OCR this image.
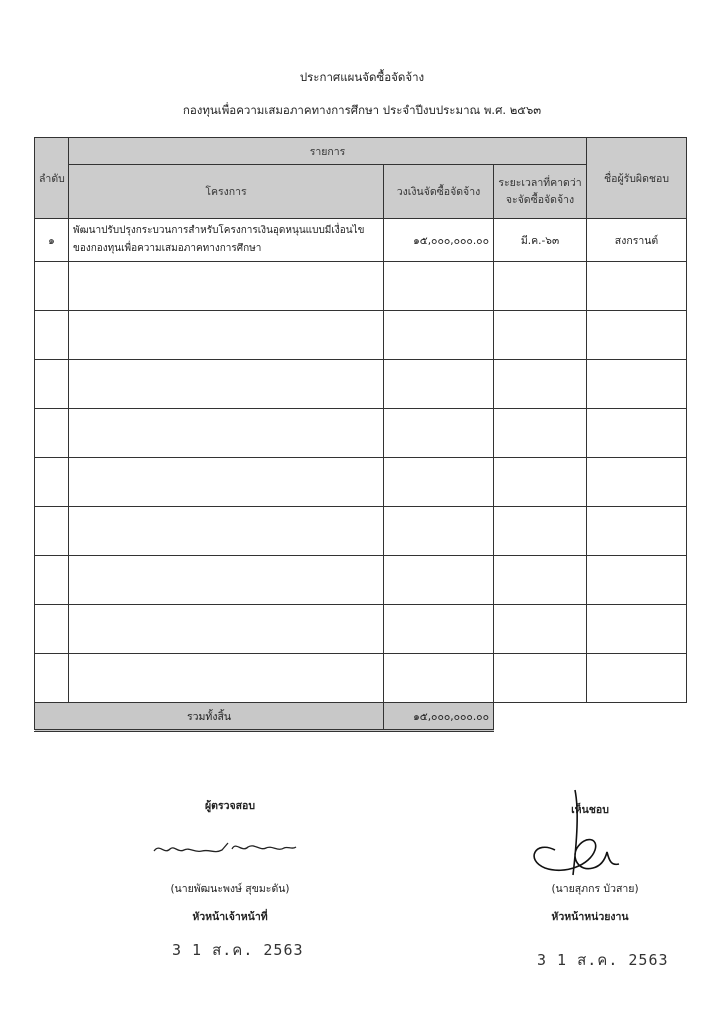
ประกาศแผนจัดซื้อจัดจ้าง
กองทุนเพื่อความเสมอภาคทางการศึกษา ประจำปีงบประมาณ พ.ศ. ๒๕๖๓
ลำดับ	รายการ			ชื่อผู้รับผิดชอบ
	โครงการ	วงเงินจัดซื้อจัดจ้าง	ระยะเวลาที่คาดว่าจะจัดซื้อจัดจ้าง	
๑	พัฒนาปรับปรุงกระบวนการสำหรับโครงการเงินอุดหนุนแบบมีเงื่อนไขของกองทุนเพื่อความเสมอภาคทางการศึกษา	๑๕,๐๐๐,๐๐๐.๐๐	มี.ค.-๖๓	สงกรานต์

รวมทั้งสิ้น		๑๕,๐๐๐,๐๐๐.๐๐		
ผู้ตรวจสอบ
(นายพัฒนะพงษ์ สุขมะดัน)
หัวหน้าเจ้าหน้าที่
3 1 ส.ค. 2563
เห็นชอบ
(นายสุภกร บัวสาย)
หัวหน้าหน่วยงาน
3 1 ส.ค. 2563
